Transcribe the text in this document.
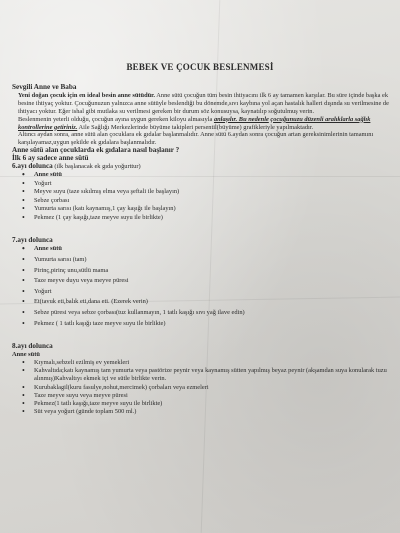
BEBEK VE ÇOCUK BESLENMESİ

Sevgili Anne ve Baba

Yeni doğan çocuk için en ideal besin anne sütüdür. Anne sütü çocuğun tüm besin ihtiyacını ilk 6 ay tamamen karşılar. Bu süre içinde başka ek besine ihtiyaç yoktur. Çocuğunuzun yalnızca anne sütüyle beslendiği bu dönemde,sıvı kaybına yol açan hastalık halleri dışında su verilmesine de ihtiyacı yoktur. Eğer ishal gibi mutlaka su verilmesi gereken bir durum söz konusuysa, kaynatılıp soğutulmuş verin.

Beslenmenin yeterli olduğu, çocuğun ayına uygun gereken kiloyu almasıyla anlaşılır. Bu nedenle çocuğunuzu düzenli aralıklarla sağlık kontrollerine getiriniz. Aile Sağlığı Merkezlerinde büyüme takipleri persentil(büyüme) grafikleriyle yapılmaktadır.

Altıncı aydan sonra, anne sütü alan çocuklara ek gıdalar başlanmalıdır. Anne sütü 6.aydan sonra çocuğun artan gereksinimlerinin tamamını karşılayamaz,uygun şekilde ek gıdalara başlanmalıdır.

Anne sütü alan çocuklarda ek gıdalara nasıl başlanır ?

İlk 6 ay sadece anne sütü

6.ayı dolunca (ilk başlanacak ek gıda yoğurttur)

• Anne sütü
• Yoğurt
• Meyve suyu (taze sıkılmış elma veya şeftali ile başlayın)
• Sebze çorbası
• Yumurta sarısı (katı kaynamış,1 çay kaşığı ile başlayın)
• Pekmez (1 çay kaşığı,taze meyve suyu ile birlikte)

7.ayı dolunca

• Anne sütü
• Yumurta sarısı (tam)
• Pirinç,pirinç unu,sütlü mama
• Taze meyve duyu veya meyve püresi
• Yoğurt
• Et(tavuk eti,balık eti,dana eti. (Ezerek verin)
• Sebze püresi veya sebze çorbası(tuz kullanmayın, 1 tatlı kaşığı sıvı yağ ilave edin)
• Pekmez ( 1 tatlı kaşığı taze meyve suyu ile birlikte)

8.ayı dolunca

Anne sütü

• Kıymalı,sebzeli ezilmiş ev yemekleri
• Kahvaltıda;katı kaynamış tam yumurta veya pastörize peynir veya kaynamış sütten yapılmış beyaz peynir (akşamdan suya konularak tuzu alınmış)Kahvaltıyı ekmek içi ve sütle birlikte verin.
• Kurubaklagil(kuru fasulye,nohut,mercimek) çorbaları veya ezmeleri
• Taze meyve suyu veya meyve püresi
• Pekmez(1 tatlı kaşığı,taze meyve suyu ile birlikte)
• Süt veya yoğurt (günde toplam 500 ml.)
